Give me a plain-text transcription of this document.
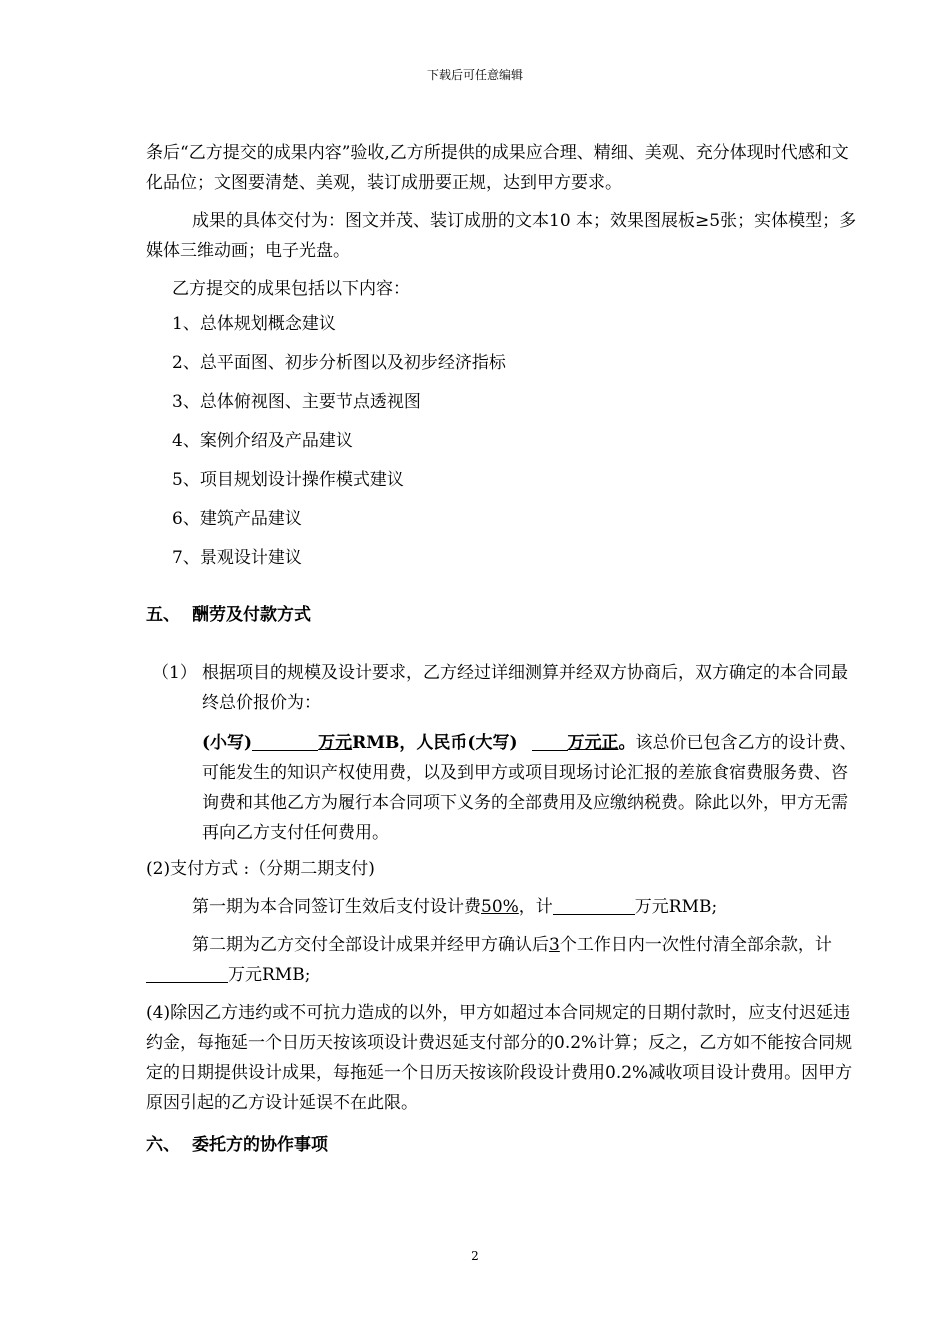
下载后可任意编辑

条后“乙方提交的成果内容”验收,乙方所提供的成果应合理、精细、美观、充分体现时代感和文化品位；文图要清楚、美观，装订成册要正规，达到甲方要求。

成果的具体交付为：图文并茂、装订成册的文本10 本；效果图展板≥5张；实体模型；多媒体三维动画；电子光盘。

乙方提交的成果包括以下内容：

1、总体规划概念建议

2、总平面图、初步分析图以及初步经济指标

3、总体俯视图、主要节点透视图

4、案例介绍及产品建议

5、项目规划设计操作模式建议

6、建筑产品建议

7、景观设计建议

五、 酬劳及付款方式

（1） 根据项目的规模及设计要求，乙方经过详细测算并经双方协商后，双方确定的本合同最终总价报价为：

(小写)	万元RMB，人民币(大写)	万元正。该总价已包含乙方的设计费、可能发生的知识产权使用费，以及到甲方或项目现场讨论汇报的差旅食宿费服务费、咨询费和其他乙方为履行本合同项下义务的全部费用及应缴纳税费。除此以外，甲方无需再向乙方支付任何费用。

(2)支付方式 :（分期二期支付)

第一期为本合同签订生效后支付设计费50%，计	万元RMB;

第二期为乙方交付全部设计成果并经甲方确认后3个工作日内一次性付清全部余款，计万元RMB;

(4)除因乙方违约或不可抗力造成的以外，甲方如超过本合同规定的日期付款时，应支付迟延违约金，每拖延一个日历天按该项设计费迟延支付部分的0.2%计算；反之，乙方如不能按合同规定的日期提供设计成果，每拖延一个日历天按该阶段设计费用0.2%减收项目设计费用。因甲方原因引起的乙方设计延误不在此限。

六、 委托方的协作事项

2
